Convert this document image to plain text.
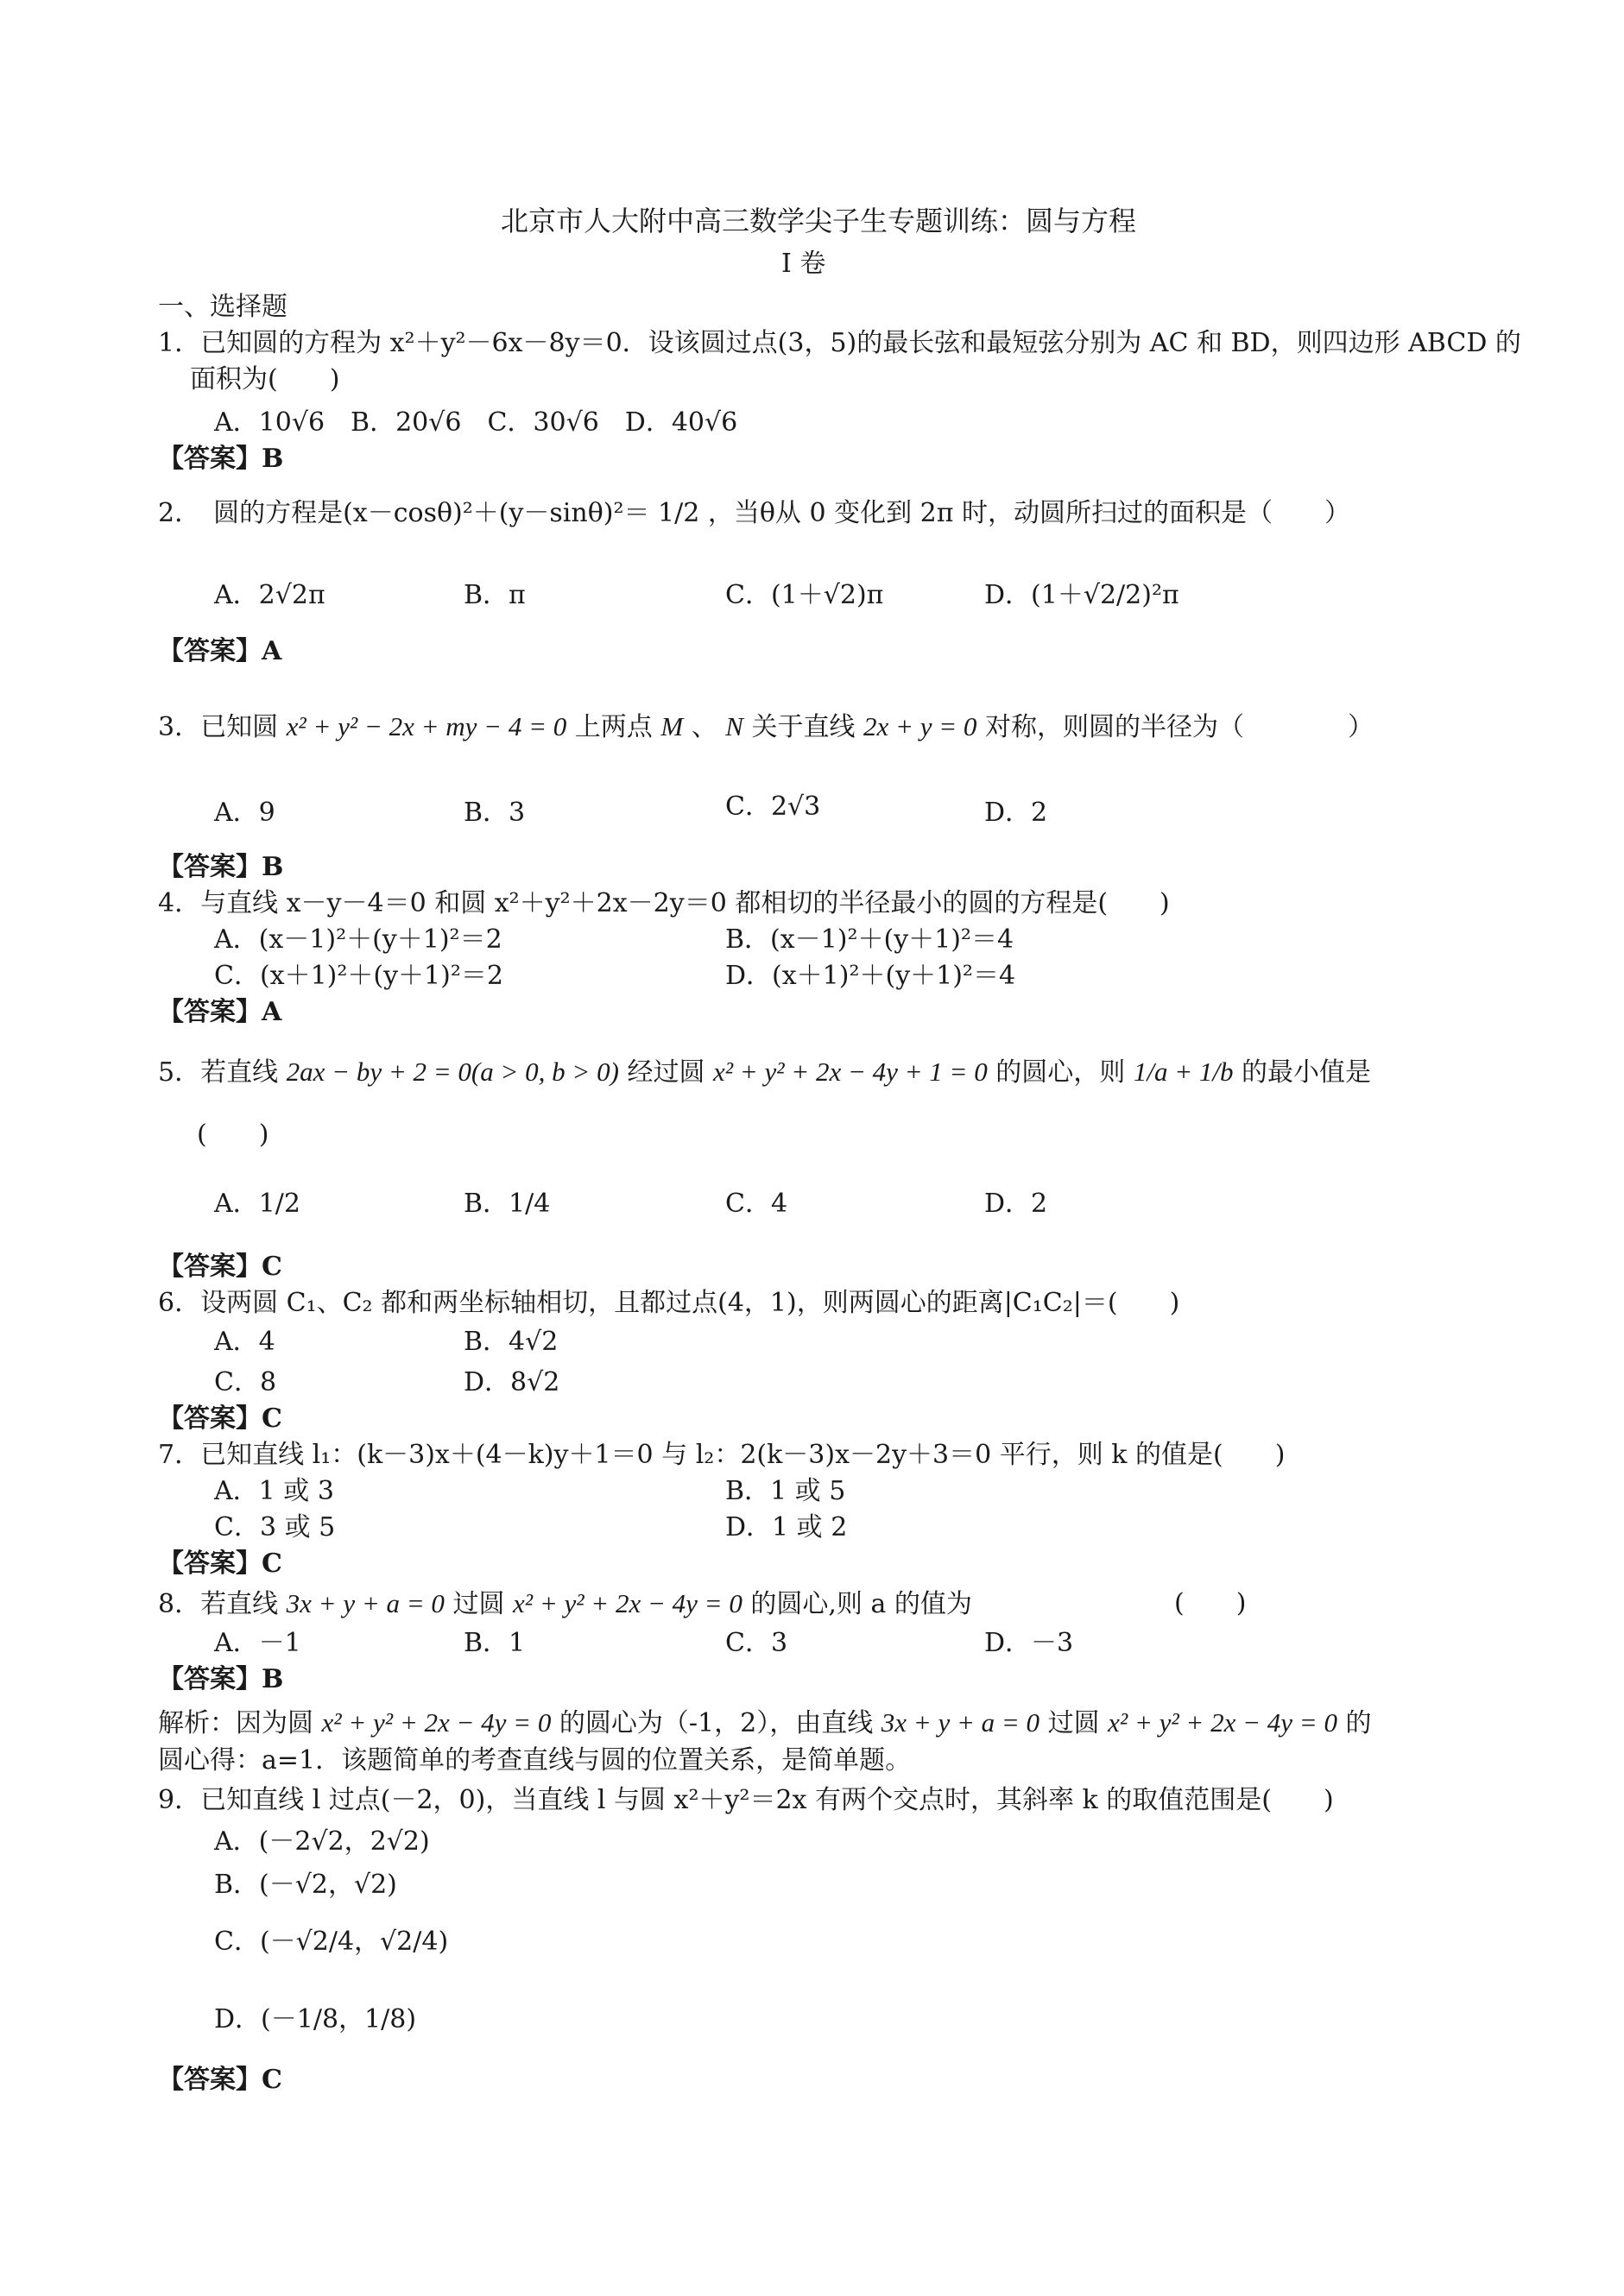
北京市人大附中高三数学尖子生专题训练：圆与方程
Ⅰ 卷
一、选择题
1．已知圆的方程为 x²＋y²－6x－8y＝0．设该圆过点(3，5)的最长弦和最短弦分别为 AC 和 BD，则四边形 ABCD 的
面积为(　　)
A．10√6　B．20√6　C．30√6　D．40√6
【答案】B
2．　圆的方程是(x－cosθ)²＋(y－sinθ)²＝ 1/2 ，当θ从 0 变化到 2π 时，动圆所扫过的面积是（　　）
A．2√2π	B．π	C．(1＋√2)π	D．(1＋√2/2)²π
【答案】A
3．已知圆 x² + y² − 2x + my − 4 = 0 上两点 M 、 N 关于直线 2x + y = 0 对称，则圆的半径为（　　　　）
A．9	B．3	C．2√3	D．2
【答案】B
4．与直线 x－y－4＝0 和圆 x²＋y²＋2x－2y＝0 都相切的半径最小的圆的方程是(　　)
A．(x－1)²＋(y＋1)²＝2	B．(x－1)²＋(y＋1)²＝4
C．(x＋1)²＋(y＋1)²＝2	D．(x＋1)²＋(y＋1)²＝4
【答案】A
5．若直线 2ax − by + 2 = 0(a > 0, b > 0) 经过圆 x² + y² + 2x − 4y + 1 = 0 的圆心，则 1/a + 1/b 的最小值是
(　　)
A．1/2	B．1/4	C．4	D．2
【答案】C
6．设两圆 C₁、C₂ 都和两坐标轴相切，且都过点(4，1)，则两圆心的距离|C₁C₂|＝(　　)
A．4	B．4√2
C．8	D．8√2
【答案】C
7．已知直线 l₁：(k－3)x＋(4－k)y＋1＝0 与 l₂：2(k－3)x－2y＋3＝0 平行，则 k 的值是(　　)
A．1 或 3	B．1 或 5
C．3 或 5	D．1 或 2
【答案】C
8．若直线 3x + y + a = 0 过圆 x² + y² + 2x − 4y = 0 的圆心,则 a 的值为	(　　)
A．－1	B．1	C．3	D．－3
【答案】B
解析：因为圆 x² + y² + 2x − 4y = 0 的圆心为（-1，2），由直线 3x + y + a = 0 过圆 x² + y² + 2x − 4y = 0 的
圆心得：a=1．该题简单的考查直线与圆的位置关系，是简单题。
9．已知直线 l 过点(－2，0)，当直线 l 与圆 x²＋y²＝2x 有两个交点时，其斜率 k 的取值范围是(　　)
A．(－2√2，2√2)
B．(－√2，√2)
C．(－√2/4，√2/4)
D．(－1/8，1/8)
【答案】C
